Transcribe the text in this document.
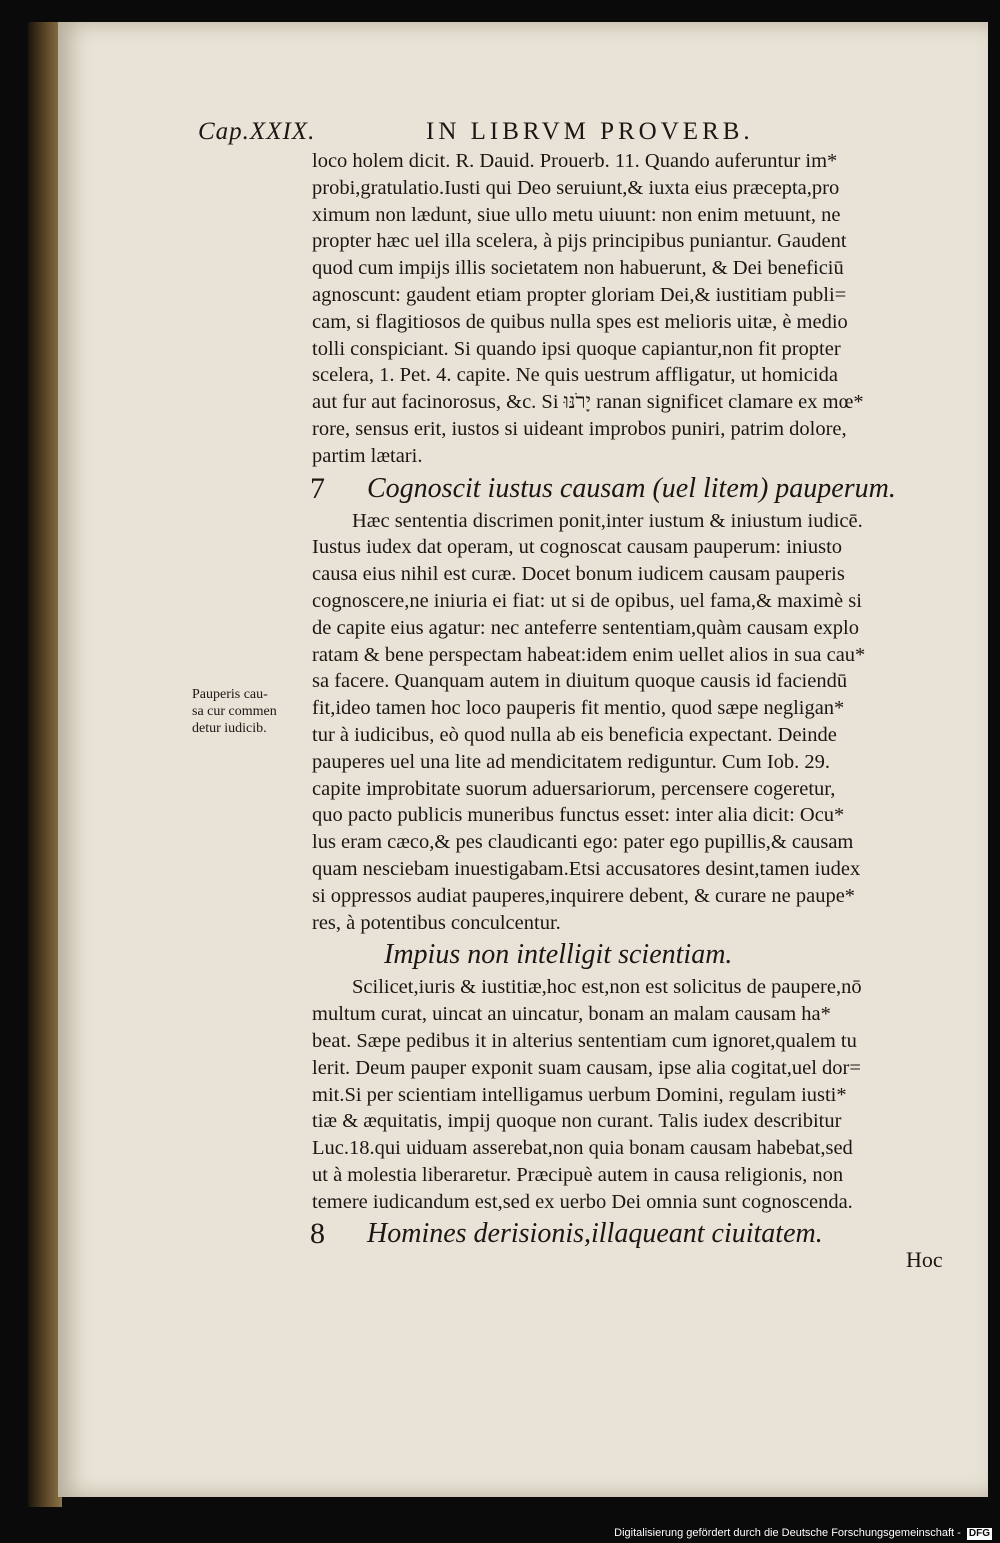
Cap.XXIX.	IN LIBRVM PROVERB.
loco holem dicit. R. Dauid. Prouerb. 11. Quando auferuntur im*
probi,gratulatio.Iusti qui Deo seruiunt,& iuxta eius præcepta,pro
ximum non lædunt, siue ullo metu uiuunt: non enim metuunt, ne
propter hæc uel illa scelera, à pijs principibus puniantur. Gaudent
quod cum impijs illis societatem non habuerunt, & Dei beneficiū
agnoscunt: gaudent etiam propter gloriam Dei,& iustitiam publi=
cam, si flagitiosos de quibus nulla spes est melioris uitæ, è medio
tolli conspiciant. Si quando ipsi quoque capiantur,non fit propter
scelera, 1. Pet. 4. capite. Ne quis uestrum affligatur, ut homicida
aut fur aut facinorosus, &c. Si יָרֹנּוּ ranan significet clamare ex mœ*
rore, sensus erit, iustos si uideant improbos puniri, patrim dolore,
partim lætari.
7 Cognoscit iustus causam (uel litem) pauperum.
Hæc sententia discrimen ponit,inter iustum & iniustum iudicē.
Iustus iudex dat operam, ut cognoscat causam pauperum: iniusto
causa eius nihil est curæ. Docet bonum iudicem causam pauperis
cognoscere,ne iniuria ei fiat: ut si de opibus, uel fama,& maximè si
de capite eius agatur: nec anteferre sententiam,quàm causam explo
ratam & bene perspectam habeat:idem enim uellet alios in sua cau*
sa facere. Quanquam autem in diuitum quoque causis id faciendū
fit,ideo tamen hoc loco pauperis fit mentio, quod sæpe negligan*
tur à iudicibus, eò quod nulla ab eis beneficia expectant. Deinde
pauperes uel una lite ad mendicitatem rediguntur. Cum Iob. 29.
capite improbitate suorum aduersariorum, percensere cogeretur,
quo pacto publicis muneribus functus esset: inter alia dicit: Ocu*
lus eram cæco,& pes claudicanti ego: pater ego pupillis,& causam
quam nesciebam inuestigabam.Etsi accusatores desint,tamen iudex
si oppressos audiat pauperes,inquirere debent, & curare ne paupe*
res, à potentibus conculcentur.
Impius non intelligit scientiam.
Scilicet,iuris & iustitiæ,hoc est,non est solicitus de paupere,nō
multum curat, uincat an uincatur, bonam an malam causam ha*
beat. Sæpe pedibus it in alterius sententiam cum ignoret,qualem tu
lerit. Deum pauper exponit suam causam, ipse alia cogitat,uel dor=
mit.Si per scientiam intelligamus uerbum Domini, regulam iusti*
tiæ & æquitatis, impij quoque non curant. Talis iudex describitur
Luc.18.qui uiduam asserebat,non quia bonam causam habebat,sed
ut à molestia liberaretur. Præcipuè autem in causa religionis, non
temere iudicandum est,sed ex uerbo Dei omnia sunt cognoscenda.
8 Homines derisionis,illaqueant ciuitatem.
Pauperis cau-
sa cur commen
detur iudicib.
Hoc
Digitalisierung gefördert durch die Deutsche Forschungsgemeinschaft - DFG
